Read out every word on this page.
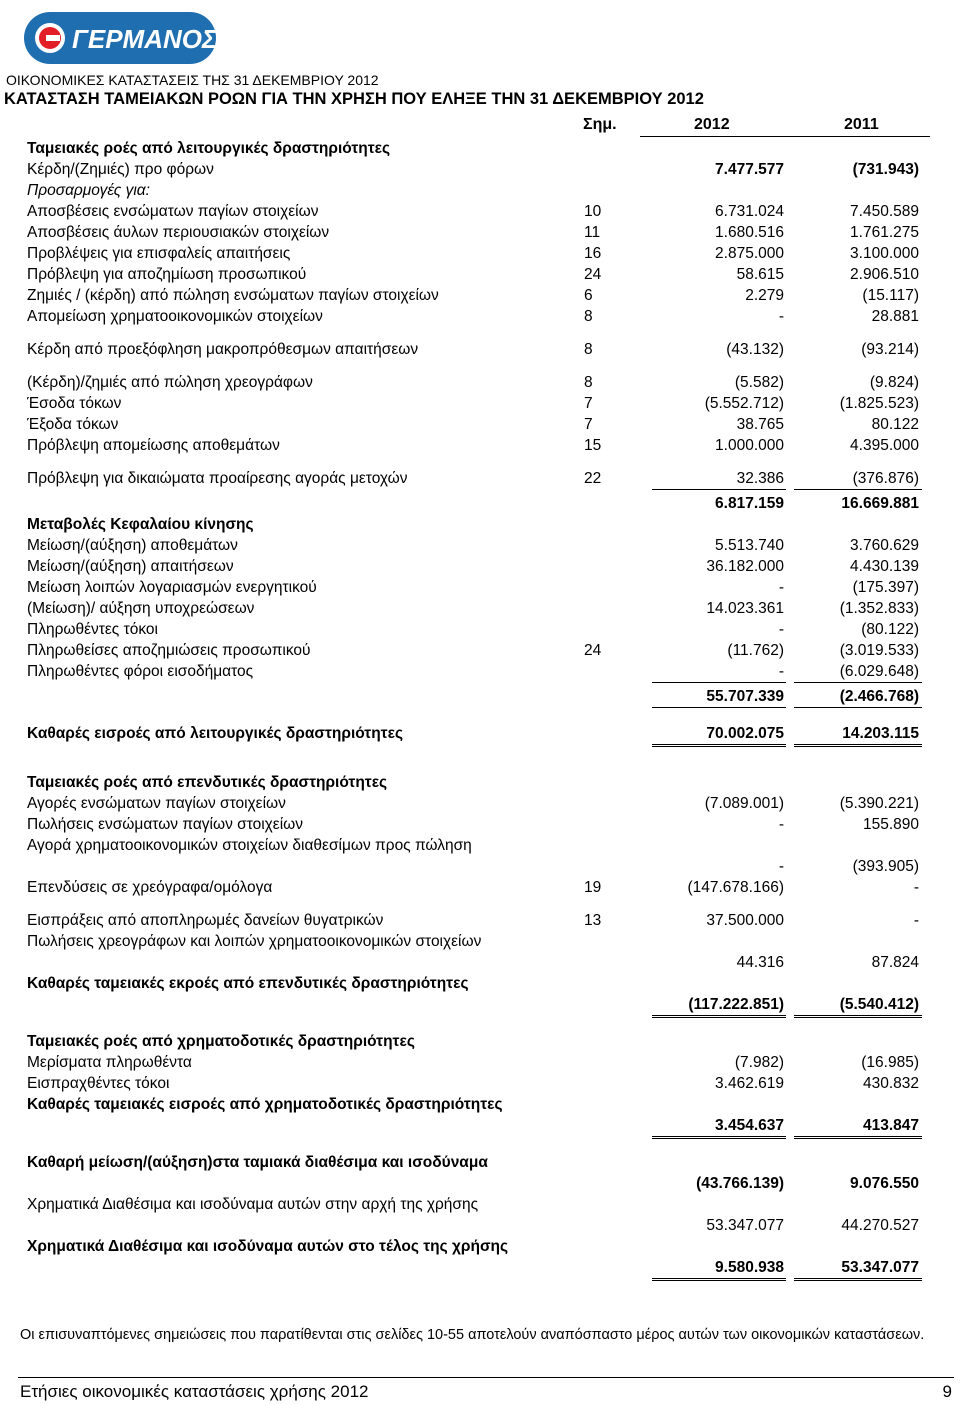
ΓΕΡΜΑΝΟΣ
ΟΙΚΟΝΟΜΙΚΕΣ ΚΑΤΑΣΤΑΣΕΙΣ ΤΗΣ 31 ΔΕΚΕΜΒΡΙΟΥ 2012
ΚΑΤΑΣΤΑΣΗ ΤΑΜΕΙΑΚΩΝ ΡΟΩΝ ΓΙΑ ΤΗΝ ΧΡΗΣΗ ΠΟΥ ΕΛΗΞΕ ΤΗΝ 31 ΔΕΚΕΜΒΡΙΟΥ 2012
Σημ.	2012	2011
Ταμειακές ροές από λειτουργικές δραστηριότητες
Κέρδη/(Ζημιές) προ φόρων	7.477.577	(731.943)
Προσαρμογές για:
Αποσβέσεις ενσώματων παγίων στοιχείων	10	6.731.024	7.450.589
Αποσβέσεις άυλων περιουσιακών στοιχείων	11	1.680.516	1.761.275
Προβλέψεις για επισφαλείς απαιτήσεις	16	2.875.000	3.100.000
Πρόβλεψη για αποζημίωση προσωπικού	24	58.615	2.906.510
Ζημιές / (κέρδη) από πώληση ενσώματων παγίων στοιχείων	6	2.279	(15.117)
Απομείωση χρηματοοικονομικών στοιχείων	8	-	28.881
Κέρδη από προεξόφληση μακροπρόθεσμων απαιτήσεων	8	(43.132)	(93.214)
(Κέρδη)/ζημιές από πώληση χρεογράφων	8	(5.582)	(9.824)
Έσοδα τόκων	7	(5.552.712)	(1.825.523)
Έξοδα τόκων	7	38.765	80.122
Πρόβλεψη απομείωσης αποθεμάτων	15	1.000.000	4.395.000
Πρόβλεψη για δικαιώματα προαίρεσης αγοράς μετοχών	22	32.386	(376.876)
6.817.159	16.669.881
Μεταβολές Κεφαλαίου κίνησης
Μείωση/(αύξηση) αποθεμάτων	5.513.740	3.760.629
Μείωση/(αύξηση) απαιτήσεων	36.182.000	4.430.139
Μείωση λοιπών λογαριασμών ενεργητικού	-	(175.397)
(Μείωση)/ αύξηση υποχρεώσεων	14.023.361	(1.352.833)
Πληρωθέντες τόκοι	-	(80.122)
Πληρωθείσες αποζημιώσεις προσωπικού	24	(11.762)	(3.019.533)
Πληρωθέντες φόροι εισοδήματος	-	(6.029.648)
55.707.339	(2.466.768)
Καθαρές εισροές από λειτουργικές δραστηριότητες	70.002.075	14.203.115
Ταμειακές ροές από επενδυτικές δραστηριότητες
Αγορές ενσώματων παγίων στοιχείων	(7.089.001)	(5.390.221)
Πωλήσεις ενσώματων παγίων στοιχείων	-	155.890
Αγορά χρηματοοικονομικών στοιχείων διαθεσίμων προς πώληση
-	(393.905)
Επενδύσεις σε χρεόγραφα/ομόλογα	19	(147.678.166)	-
Εισπράξεις από αποπληρωμές δανείων θυγατρικών	13	37.500.000	-
Πωλήσεις χρεογράφων και λοιπών χρηματοοικονομικών στοιχείων
44.316	87.824
Καθαρές ταμειακές εκροές από επενδυτικές δραστηριότητες
(117.222.851)	(5.540.412)
Ταμειακές ροές από χρηματοδοτικές δραστηριότητες
Μερίσματα πληρωθέντα	(7.982)	(16.985)
Εισπραχθέντες τόκοι	3.462.619	430.832
Καθαρές ταμειακές εισροές από χρηματοδοτικές δραστηριότητες
3.454.637	413.847
Καθαρή μείωση/(αύξηση)στα ταμιακά διαθέσιμα και ισοδύναμα
(43.766.139)	9.076.550
Χρηματικά Διαθέσιμα και ισοδύναμα αυτών στην αρχή της χρήσης
53.347.077	44.270.527
Χρηματικά Διαθέσιμα και ισοδύναμα αυτών στο τέλος της χρήσης
9.580.938	53.347.077
Οι επισυναπτόμενες σημειώσεις που παρατίθενται στις σελίδες 10-55 αποτελούν αναπόσπαστο μέρος αυτών των οικονομικών καταστάσεων.
Ετήσιες οικονομικές καταστάσεις χρήσης 2012	9
